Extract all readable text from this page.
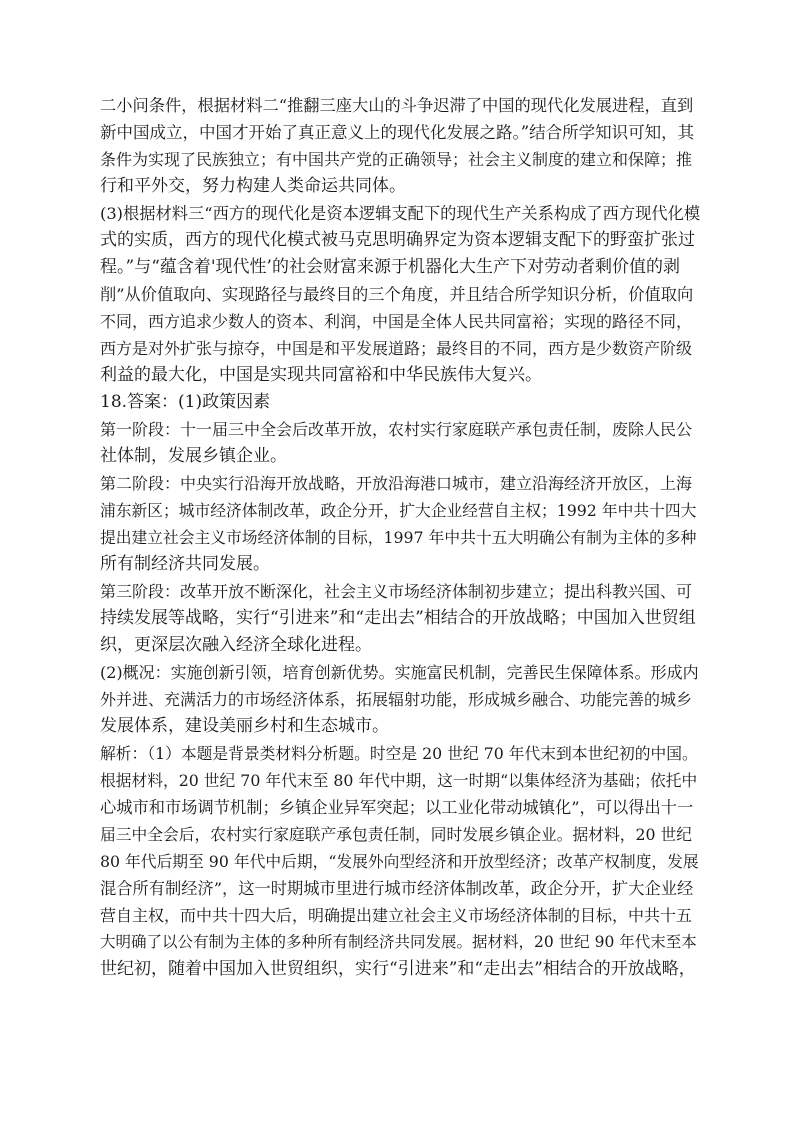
二小问条件，根据材料二“推翻三座大山的斗争迟滞了中国的现代化发展进程，直到
新中国成立，中国才开始了真正意义上的现代化发展之路。”结合所学知识可知，其
条件为实现了民族独立；有中国共产党的正确领导；社会主义制度的建立和保障；推
行和平外交，努力构建人类命运共同体。
(3)根据材料三“西方的现代化是资本逻辑支配下的现代生产关系构成了西方现代化模
式的实质，西方的现代化模式被马克思明确界定为资本逻辑支配下的野蛮扩张过
程。”与“蕴含着'现代性’的社会财富来源于机器化大生产下对劳动者剩价值的剥
削”从价值取向、实现路径与最终目的三个角度，并且结合所学知识分析，价值取向
不同，西方追求少数人的资本、利润，中国是全体人民共同富裕；实现的路径不同，
西方是对外扩张与掠夺，中国是和平发展道路；最终目的不同，西方是少数资产阶级
利益的最大化，中国是实现共同富裕和中华民族伟大复兴。
18.答案：(1)政策因素
第一阶段：十一届三中全会后改革开放，农村实行家庭联产承包责任制，废除人民公
社体制，发展乡镇企业。
第二阶段：中央实行沿海开放战略，开放沿海港口城市，建立沿海经济开放区，上海
浦东新区；城市经济体制改革，政企分开，扩大企业经营自主权；1992 年中共十四大
提出建立社会主义市场经济体制的目标，1997 年中共十五大明确公有制为主体的多种
所有制经济共同发展。
第三阶段：改革开放不断深化，社会主义市场经济体制初步建立；提出科教兴国、可
持续发展等战略，实行“引进来”和“走出去”相结合的开放战略；中国加入世贸组
织，更深层次融入经济全球化进程。
(2)概况：实施创新引领，培育创新优势。实施富民机制，完善民生保障体系。形成内
外并进、充满活力的市场经济体系，拓展辐射功能，形成城乡融合、功能完善的城乡
发展体系，建设美丽乡村和生态城市。
解析：（1）本题是背景类材料分析题。时空是 20 世纪 70 年代末到本世纪初的中国。
根据材料，20 世纪 70 年代末至 80 年代中期，这一时期“以集体经济为基础；依托中
心城市和市场调节机制；乡镇企业异军突起；以工业化带动城镇化”，可以得出十一
届三中全会后，农村实行家庭联产承包责任制，同时发展乡镇企业。据材料，20 世纪
80 年代后期至 90 年代中后期，“发展外向型经济和开放型经济；改革产权制度，发展
混合所有制经济”，这一时期城市里进行城市经济体制改革，政企分开，扩大企业经
营自主权，而中共十四大后，明确提出建立社会主义市场经济体制的目标，中共十五
大明确了以公有制为主体的多种所有制经济共同发展。据材料，20 世纪 90 年代末至本
世纪初，随着中国加入世贸组织，实行“引进来”和“走出去”相结合的开放战略，
